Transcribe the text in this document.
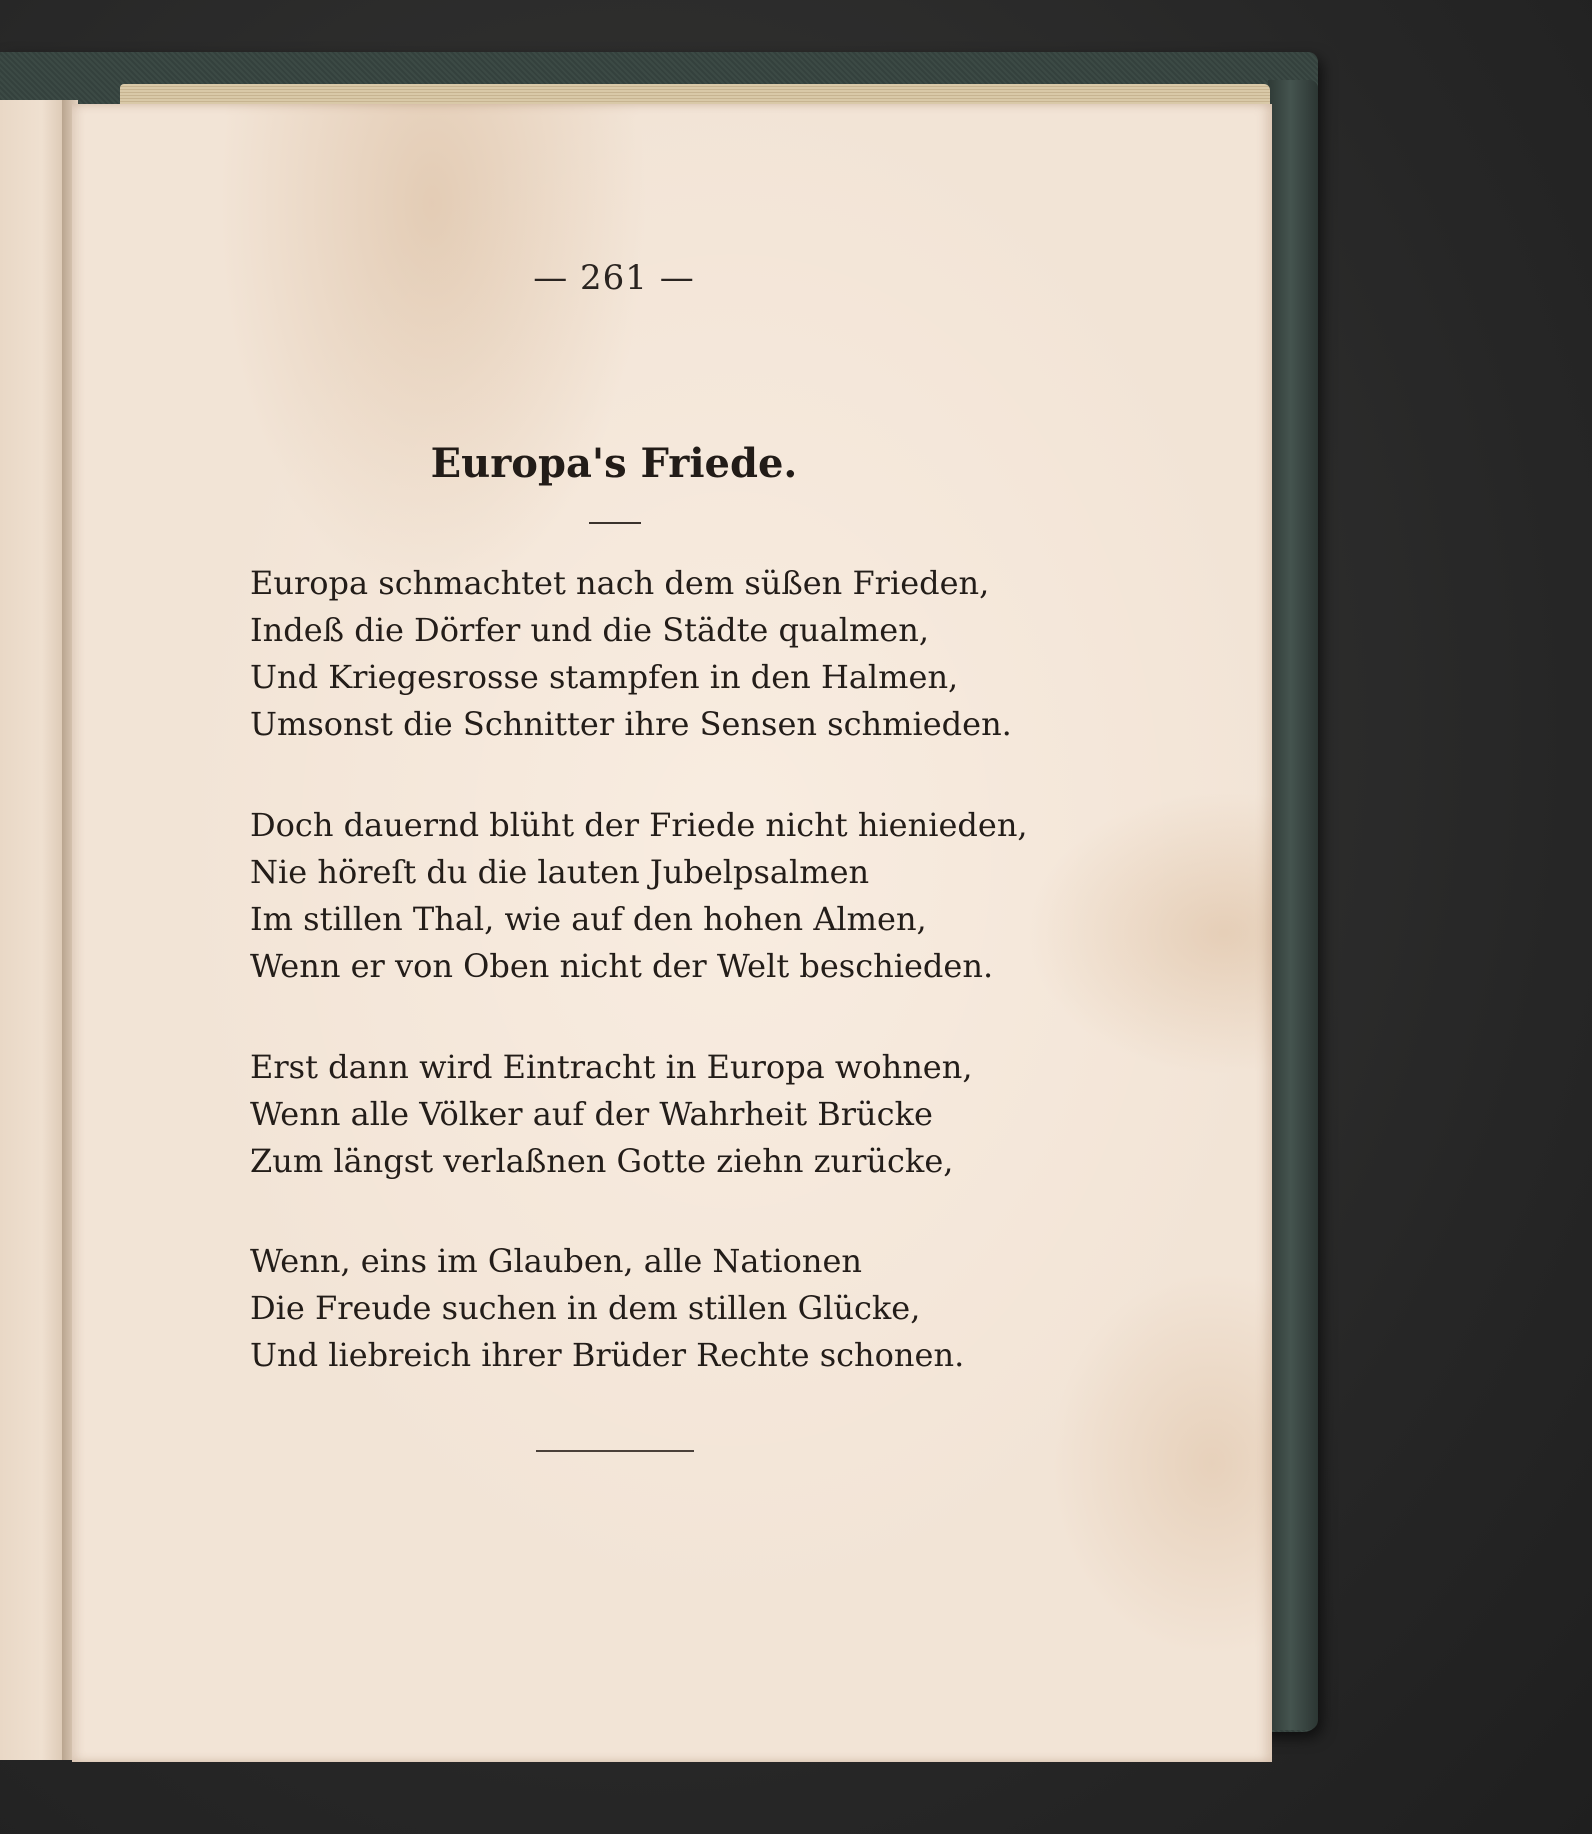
— 261 —
Europa's Friede.
Europa schmachtet nach dem süßen Frieden,
Indeß die Dörfer und die Städte qualmen,
Und Kriegesrosse stampfen in den Halmen,
Umsonst die Schnitter ihre Sensen schmieden.
Doch dauernd blüht der Friede nicht hienieden,
Nie höreſt du die lauten Jubelpsalmen
Im stillen Thal, wie auf den hohen Almen,
Wenn er von Oben nicht der Welt beschieden.
Erst dann wird Eintracht in Europa wohnen,
Wenn alle Völker auf der Wahrheit Brücke
Zum längst verlaßnen Gotte ziehn zurücke,
Wenn, eins im Glauben, alle Nationen
Die Freude suchen in dem stillen Glücke,
Und liebreich ihrer Brüder Rechte schonen.
